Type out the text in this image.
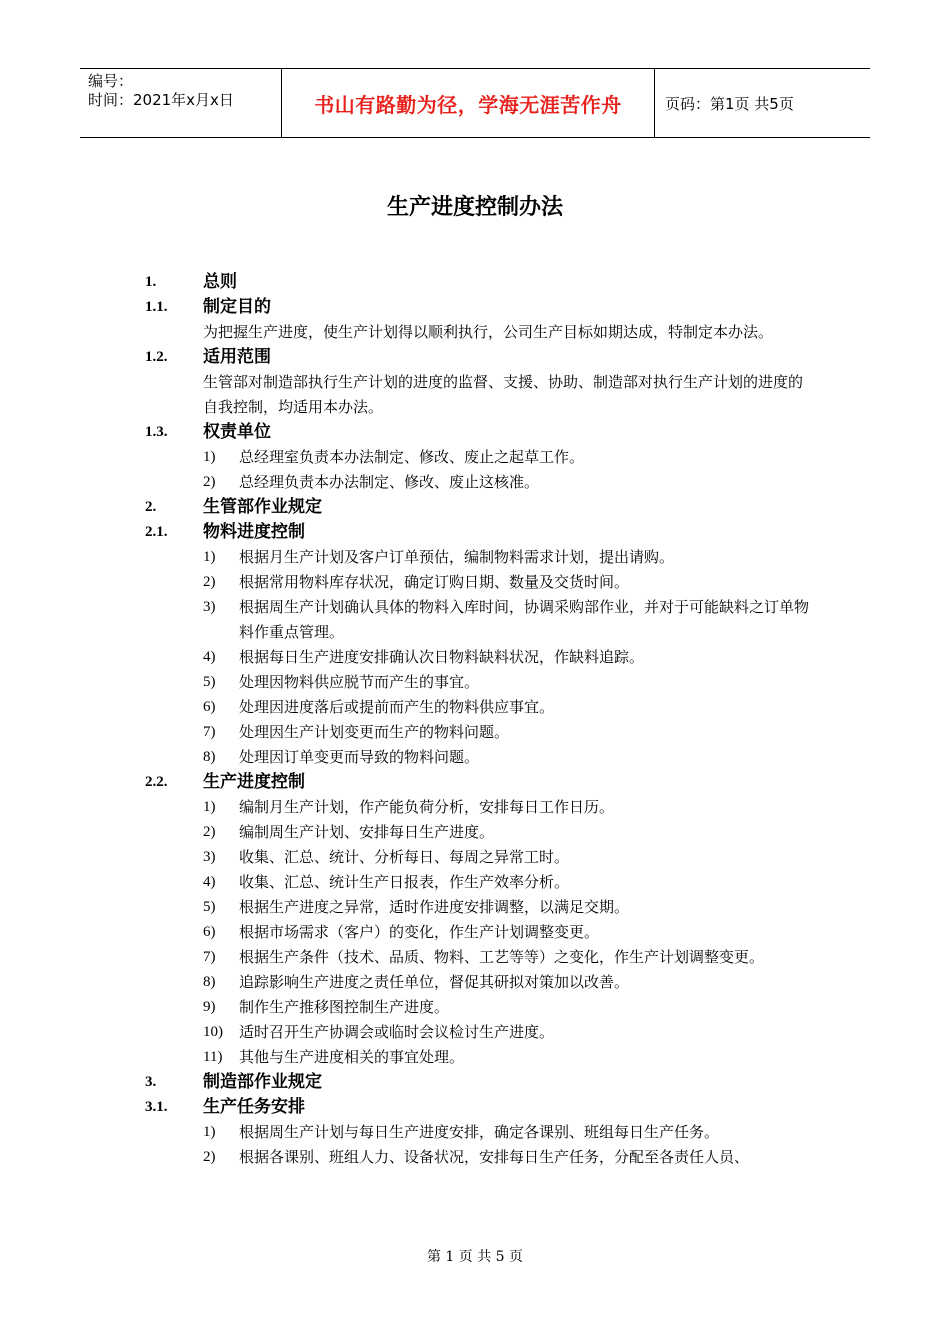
编号：
时间：2021年x月x日	书山有路勤为径，学海无涯苦作舟	页码：第1页 共5页
生产进度控制办法
1.	总则
1.1. 制定目的
为把握生产进度，使生产计划得以顺利执行，公司生产目标如期达成，特制定本办法。
1.2. 适用范围
生管部对制造部执行生产计划的进度的监督、支援、协助、制造部对执行生产计划的进度的自我控制，均适用本办法。
1.3. 权责单位
1) 总经理室负责本办法制定、修改、废止之起草工作。
2) 总经理负责本办法制定、修改、废止这核准。
2.	生管部作业规定
2.1. 物料进度控制
1) 根据月生产计划及客户订单预估，编制物料需求计划，提出请购。
2) 根据常用物料库存状况，确定订购日期、数量及交货时间。
3) 根据周生产计划确认具体的物料入库时间，协调采购部作业，并对于可能缺料之订单物料作重点管理。
4) 根据每日生产进度安排确认次日物料缺料状况，作缺料追踪。
5) 处理因物料供应脱节而产生的事宜。
6) 处理因进度落后或提前而产生的物料供应事宜。
7) 处理因生产计划变更而生产的物料问题。
8) 处理因订单变更而导致的物料问题。
2.2. 生产进度控制
1) 编制月生产计划，作产能负荷分析，安排每日工作日历。
2) 编制周生产计划、安排每日生产进度。
3) 收集、汇总、统计、分析每日、每周之异常工时。
4) 收集、汇总、统计生产日报表，作生产效率分析。
5) 根据生产进度之异常，适时作进度安排调整，以满足交期。
6) 根据市场需求（客户）的变化，作生产计划调整变更。
7) 根据生产条件（技术、品质、物料、工艺等等）之变化，作生产计划调整变更。
8) 追踪影响生产进度之责任单位，督促其研拟对策加以改善。
9) 制作生产推移图控制生产进度。
10) 适时召开生产协调会或临时会议检讨生产进度。
11) 其他与生产进度相关的事宜处理。
3.	制造部作业规定
3.1. 生产任务安排
1) 根据周生产计划与每日生产进度安排，确定各课别、班组每日生产任务。
2) 根据各课别、班组人力、设备状况，安排每日生产任务，分配至各责任人员、
第 1 页 共 5 页
